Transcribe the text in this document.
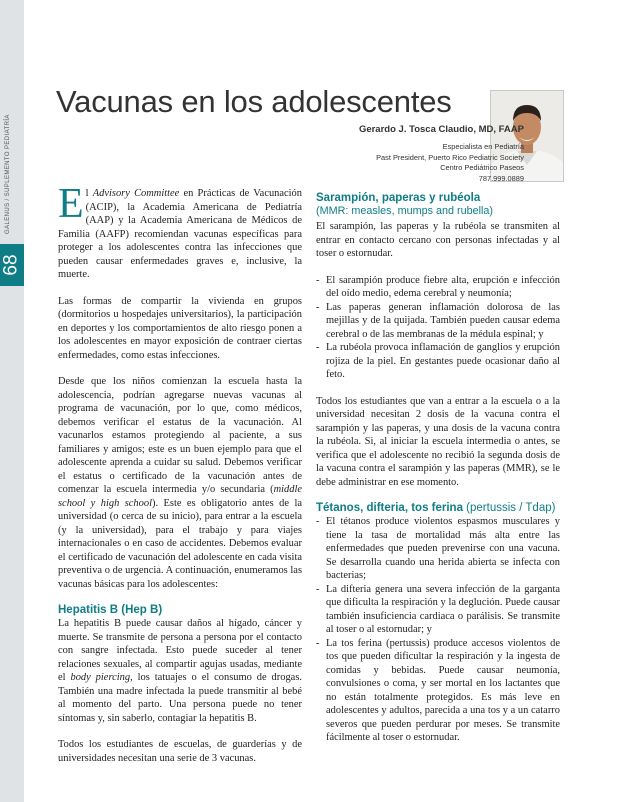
68
GALENUS / SUPLEMENTO PEDIATRÍA
Vacunas en los adolescentes
Gerardo J. Tosca Claudio, MD, FAAP
Especialista en Pediatría
Past President, Puerto Rico Pediatric Society
Centro Pediátrico Paseos
787.999.0889

El Advisory Committee en Prácticas de Vacunación (ACIP), la Academia Americana de Pediatría (AAP) y la Academia Americana de Médicos de Familia (AAFP) recomiendan vacunas específicas para proteger a los adolescentes contra las infecciones que pueden causar enfermedades graves e, inclusive, la muerte.

Las formas de compartir la vivienda en grupos (dormitorios u hospedajes universitarios), la participación en deportes y los comportamientos de alto riesgo ponen a los adolescentes en mayor exposición de contraer ciertas enfermedades, como estas infecciones.

Desde que los niños comienzan la escuela hasta la adolescencia, podrían agregarse nuevas vacunas al programa de vacunación, por lo que, como médicos, debemos verificar el estatus de la vacunación. Al vacunarlos estamos protegiendo al paciente, a sus familiares y amigos; este es un buen ejemplo para que el adolescente aprenda a cuidar su salud. Debemos verificar el estatus o certificado de la vacunación antes de comenzar la escuela intermedia y/o secundaria (middle school y high school). Este es obligatorio antes de la universidad (o cerca de su inicio), para entrar a la escuela (y la universidad), para el trabajo y para viajes internacionales o en caso de accidentes. Debemos evaluar el certificado de vacunación del adolescente en cada visita preventiva o de urgencia. A continuación, enumeramos las vacunas básicas para los adolescentes:

Hepatitis B (Hep B)

La hepatitis B puede causar daños al hígado, cáncer y muerte. Se transmite de persona a persona por el contacto con sangre infectada. Esto puede suceder al tener relaciones sexuales, al compartir agujas usadas, mediante el body piercing, los tatuajes o el consumo de drogas. También una madre infectada la puede transmitir al bebé al momento del parto. Una persona puede no tener síntomas y, sin saberlo, contagiar la hepatitis B.

Todos los estudiantes de escuelas, de guarderías y de universidades necesitan una serie de 3 vacunas.

Sarampión, paperas y rubéola
(MMR: measles, mumps and rubella)

El sarampión, las paperas y la rubéola se transmiten al entrar en contacto cercano con personas infectadas y al toser o estornudar.

- El sarampión produce fiebre alta, erupción e infección del oído medio, edema cerebral y neumonía;
- Las paperas generan inflamación dolorosa de las mejillas y de la quijada. También pueden causar edema cerebral o de las membranas de la médula espinal; y
- La rubéola provoca inflamación de ganglios y erupción rojiza de la piel. En gestantes puede ocasionar daño al feto.

Todos los estudiantes que van a entrar a la escuela o a la universidad necesitan 2 dosis de la vacuna contra el sarampión y las paperas, y una dosis de la vacuna contra la rubéola. Si, al iniciar la escuela intermedia o antes, se verifica que el adolescente no recibió la segunda dosis de la vacuna contra el sarampión y las paperas (MMR), se le debe administrar en ese momento.

Tétanos, difteria, tos ferina (pertussis / Tdap)
- El tétanos produce violentos espasmos musculares y tiene la tasa de mortalidad más alta entre las enfermedades que pueden prevenirse con una vacuna. Se desarrolla cuando una herida abierta se infecta con bacterias;
- La difteria genera una severa infección de la garganta que dificulta la respiración y la deglución. Puede causar también insuficiencia cardiaca o parálisis. Se transmite al toser o al estornudar; y
- La tos ferina (pertussis) produce accesos violentos de tos que pueden dificultar la respiración y la ingesta de comidas y bebidas. Puede causar neumonía, convulsiones o coma, y ser mortal en los lactantes que no están totalmente protegidos. Es más leve en adolescentes y adultos, parecida a una tos y a un catarro severos que pueden perdurar por meses. Se transmite fácilmente al toser o estornudar.
